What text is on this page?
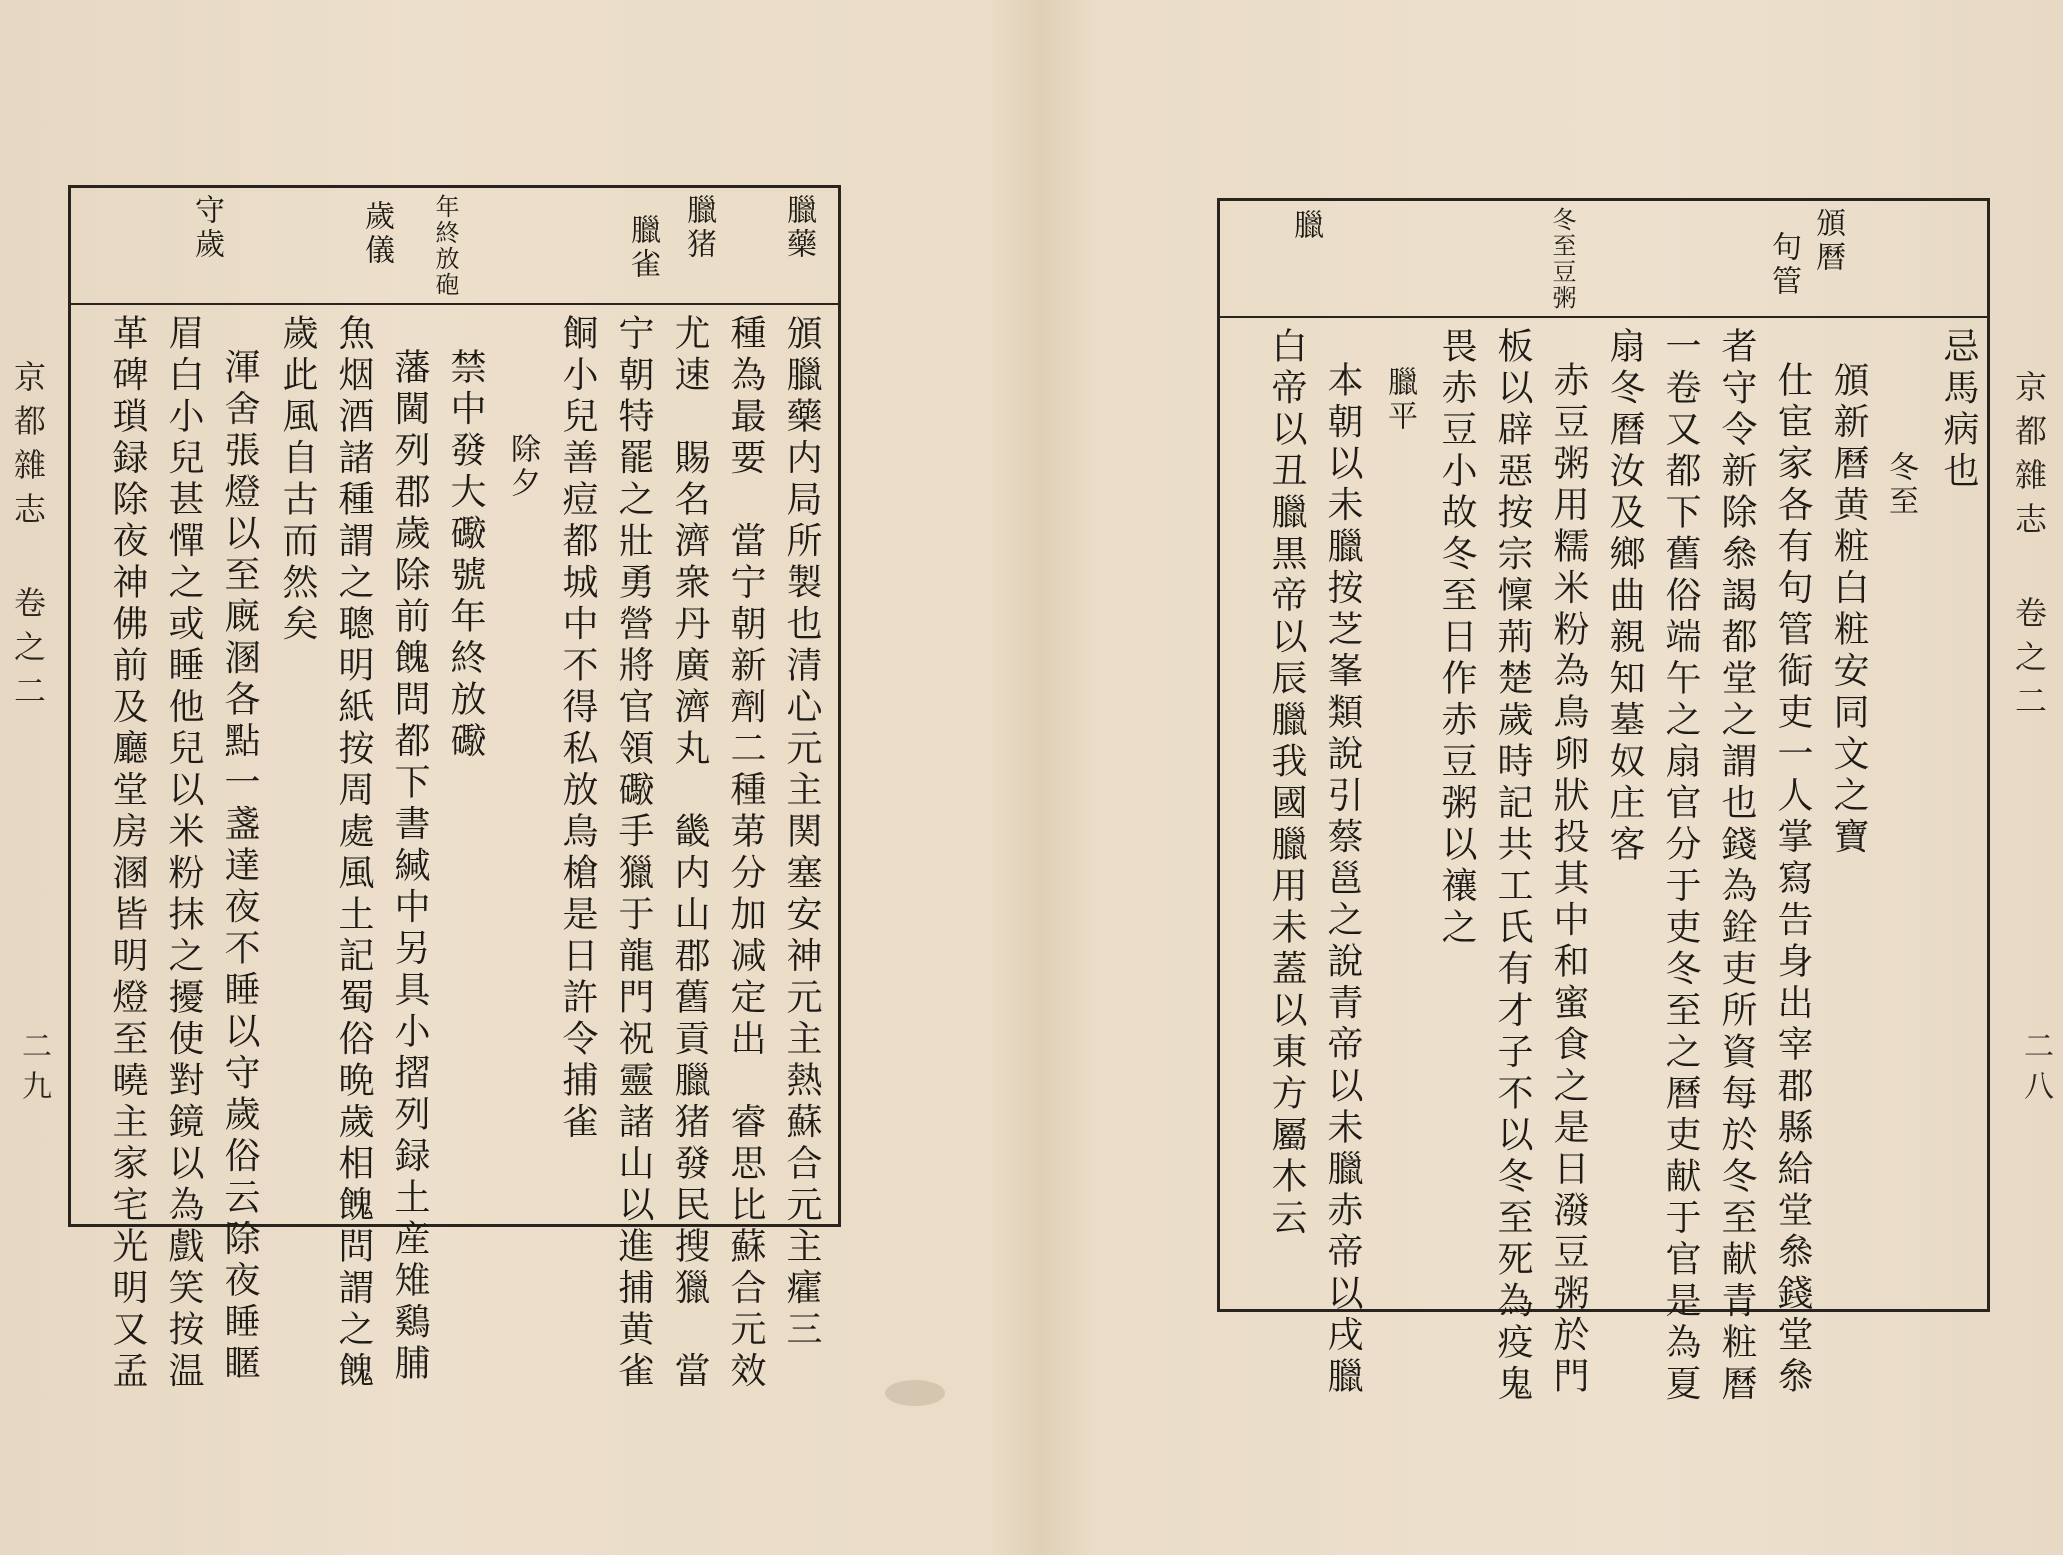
京都雜志 卷之二
二九
臘藥
臘猪
臘雀
年終放砲
歲儀
守歲
頒臘藥内局所製也清心元主関塞安神元主熱蘇合元主癨三
種為最要　當宁朝新劑二種苐分加减定出　睿思比蘇合元效
尤速　賜名濟衆丹廣濟丸　畿内山郡舊貢臘猪發民搜獵　當
宁朝特罷之壯勇營將官領礮手獵于龍門祝靈諸山以進捕黄雀
餇小兒善痘都城中不得私放鳥槍是日許令捕雀
除夕
禁中發大礮號年終放礮
藩閫列郡歲除前餽問都下書緘中另具小摺列録土産雉鷄脯
魚烟酒諸種謂之聰明紙按周處風土記蜀俗晩歲相餽問謂之餽
歲此風自古而然矣
渾舍張燈以至廐溷各點一盞達夜不睡以守歲俗云除夜睡䁥
眉白小兒甚憚之或睡他兒以米粉抹之擾使對鏡以為戲笑按温
革碑瑣録除夜神佛前及廳堂房溷皆明燈至曉主家宅光明又孟
頒曆
句管
冬至豆粥
臘
忌馬病也
冬至
頒新曆黄粧白粧安同文之寶
仕宦家各有句管䘖吏一人掌寫告身出宰郡縣給堂叅錢堂叅
者守令新除叅謁都堂之謂也錢為銓吏所資每於冬至献青粧曆
一卷又都下舊俗端午之扇官分于吏冬至之曆吏献于官是為夏
扇冬曆汝及鄉曲親知墓奴庄客
赤豆粥用糯米粉為鳥卵狀投其中和蜜食之是日潑豆粥於門
板以辟惡按宗懍荊楚歲時記共工氏有才子不以冬至死為疫鬼
畏赤豆小故冬至日作赤豆粥以禳之
臘平
本朝以未臘按芝峯類說引蔡邕之說青帝以未臘赤帝以戌臘
白帝以丑臘黒帝以辰臘我國臘用未蓋以東方屬木云	京都雜志 卷之二
二八
